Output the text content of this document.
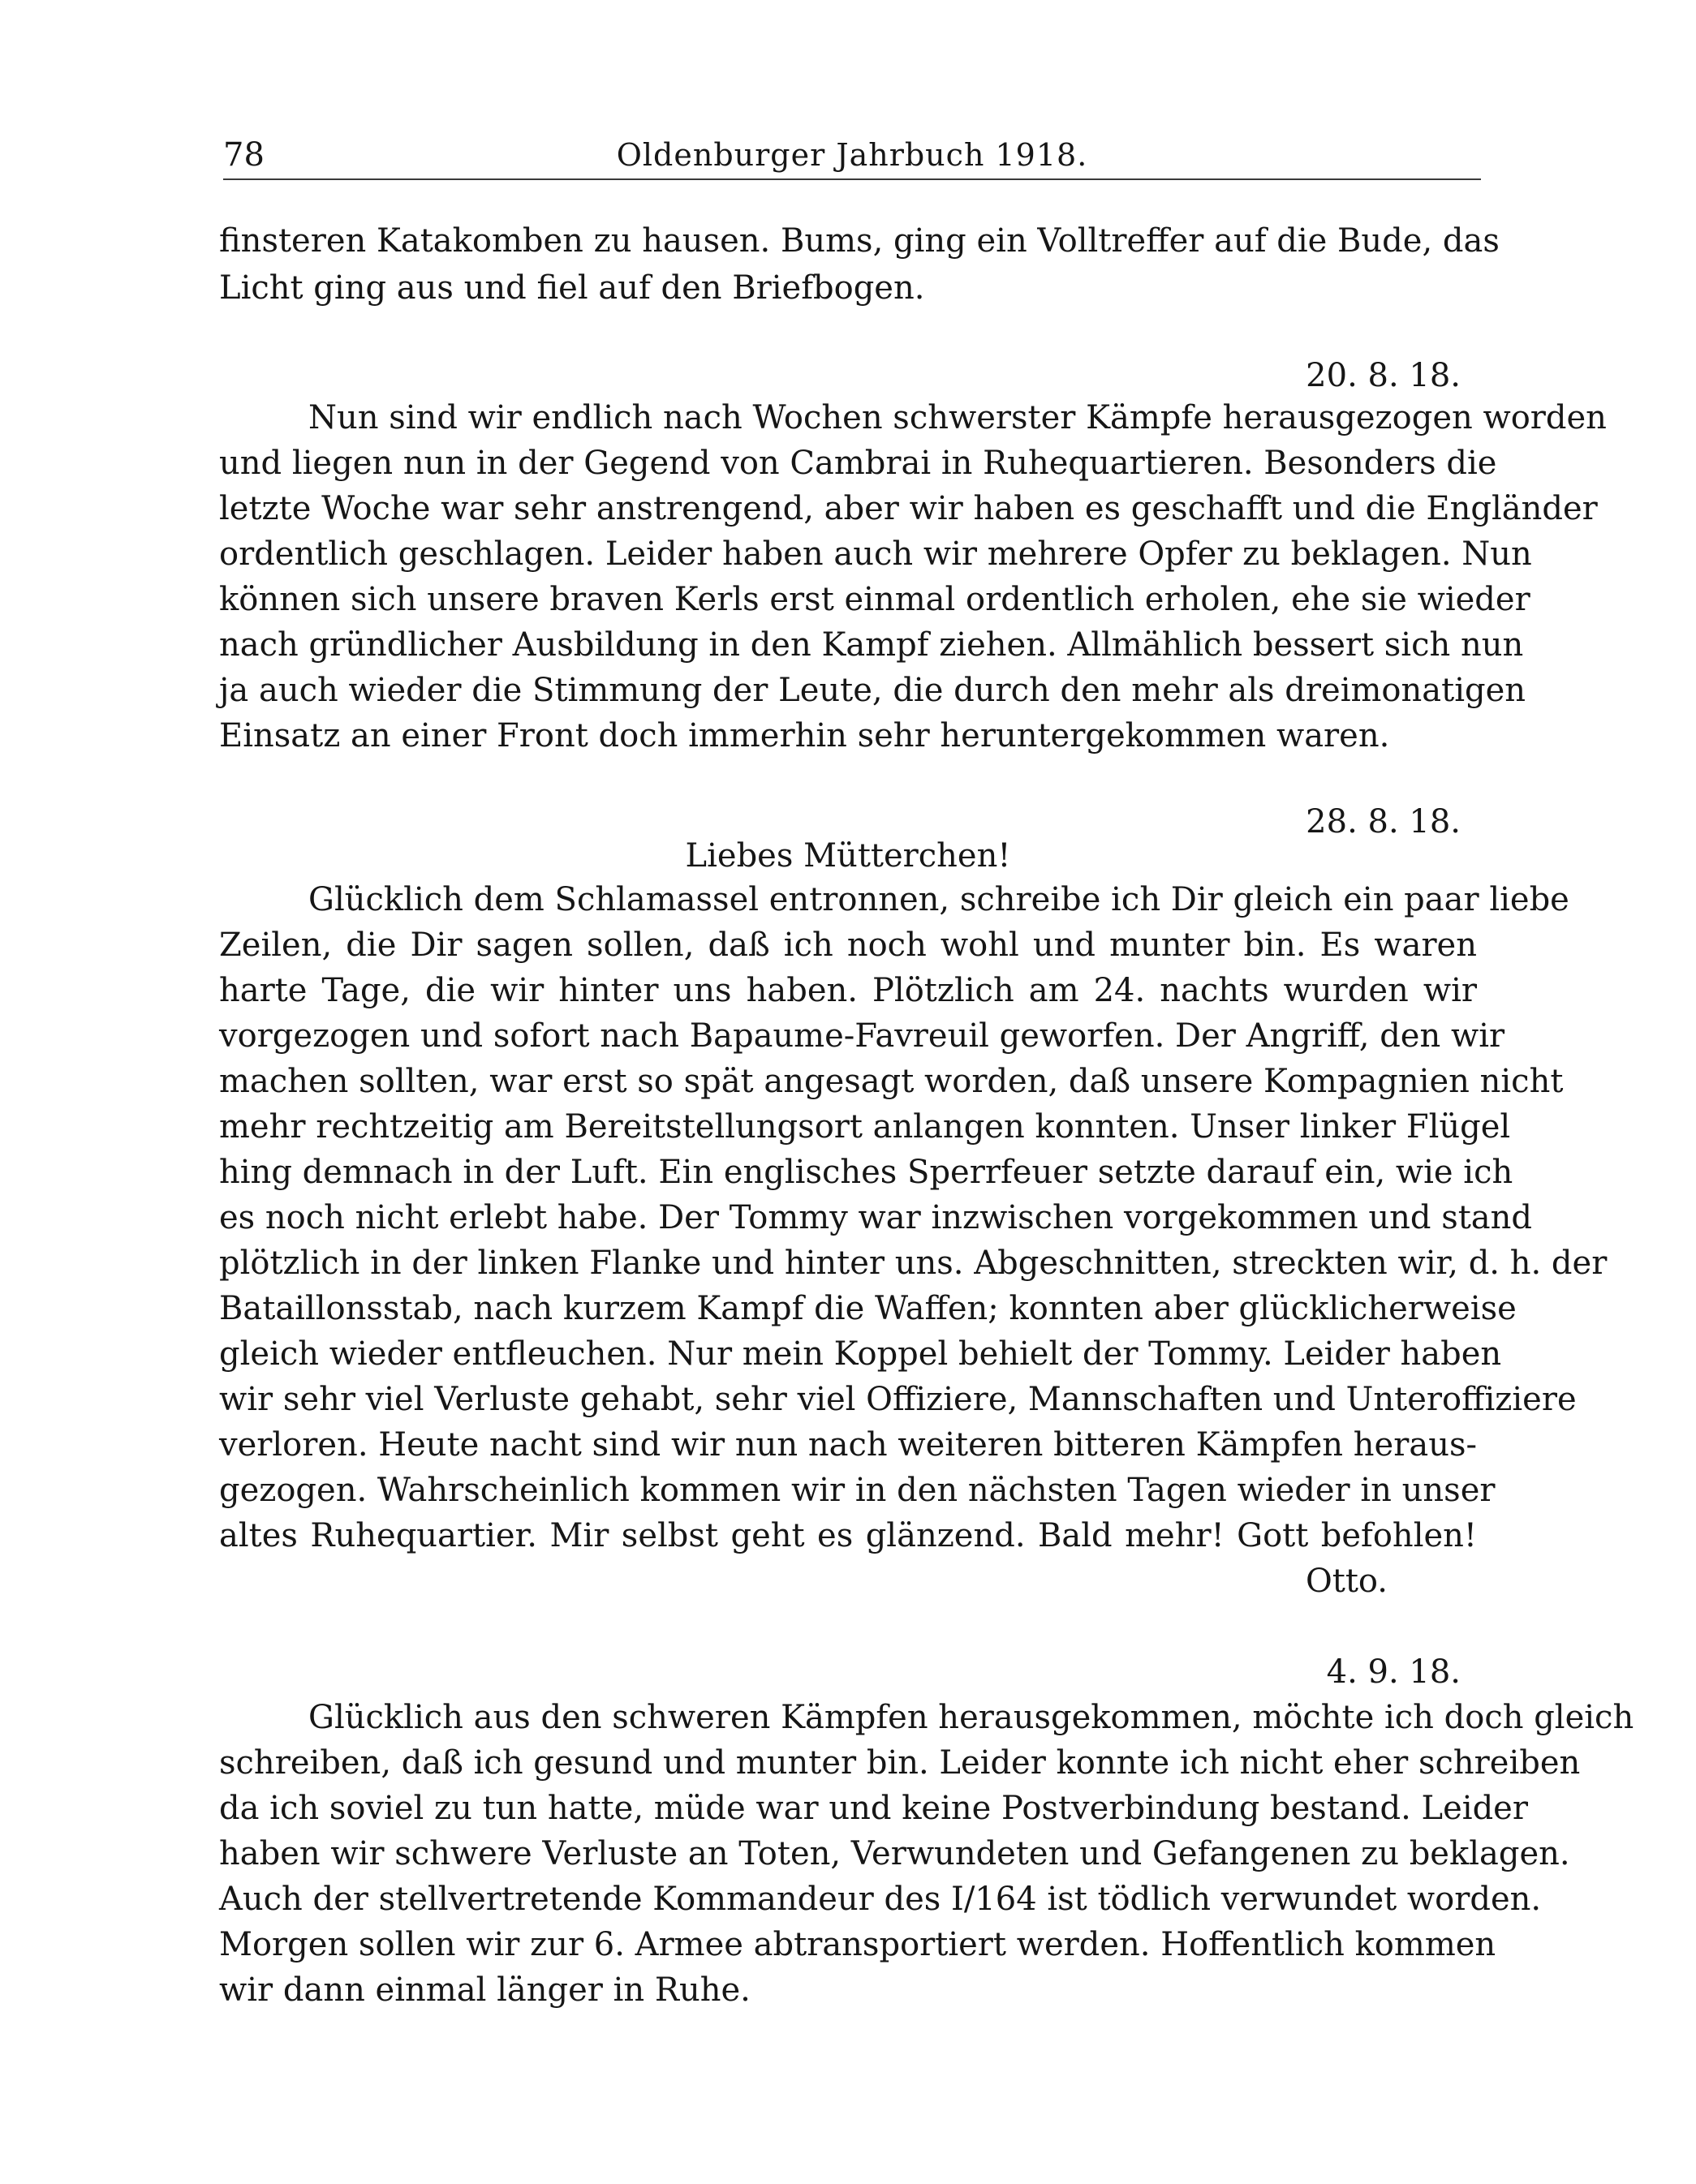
78	Oldenburger Jahrbuch 1918.
finsteren Katakomben zu hausen. Bums, ging ein Volltreffer auf die Bude, das
Licht ging aus und fiel auf den Briefbogen.
20. 8. 18.
Nun sind wir endlich nach Wochen schwerster Kämpfe herausgezogen worden
und liegen nun in der Gegend von Cambrai in Ruhequartieren. Besonders die
letzte Woche war sehr anstrengend, aber wir haben es geschafft und die Engländer
ordentlich geschlagen. Leider haben auch wir mehrere Opfer zu beklagen. Nun
können sich unsere braven Kerls erst einmal ordentlich erholen, ehe sie wieder
nach gründlicher Ausbildung in den Kampf ziehen. Allmählich bessert sich nun
ja auch wieder die Stimmung der Leute, die durch den mehr als dreimonatigen
Einsatz an einer Front doch immerhin sehr heruntergekommen waren.
28. 8. 18.
Liebes Mütterchen!
Glücklich dem Schlamassel entronnen, schreibe ich Dir gleich ein paar liebe
Zeilen, die Dir sagen sollen, daß ich noch wohl und munter bin. Es waren
harte Tage, die wir hinter uns haben. Plötzlich am 24. nachts wurden wir
vorgezogen und sofort nach Bapaume-Favreuil geworfen. Der Angriff, den wir
machen sollten, war erst so spät angesagt worden, daß unsere Kompagnien nicht
mehr rechtzeitig am Bereitstellungsort anlangen konnten. Unser linker Flügel
hing demnach in der Luft. Ein englisches Sperrfeuer setzte darauf ein, wie ich
es noch nicht erlebt habe. Der Tommy war inzwischen vorgekommen und stand
plötzlich in der linken Flanke und hinter uns. Abgeschnitten, streckten wir, d. h. der
Bataillonsstab, nach kurzem Kampf die Waffen; konnten aber glücklicherweise
gleich wieder entfleuchen. Nur mein Koppel behielt der Tommy. Leider haben
wir sehr viel Verluste gehabt, sehr viel Offiziere, Mannschaften und Unteroffiziere
verloren. Heute nacht sind wir nun nach weiteren bitteren Kämpfen heraus-
gezogen. Wahrscheinlich kommen wir in den nächsten Tagen wieder in unser
altes Ruhequartier. Mir selbst geht es glänzend. Bald mehr! Gott befohlen!
Otto.
4. 9. 18.
Glücklich aus den schweren Kämpfen herausgekommen, möchte ich doch gleich
schreiben, daß ich gesund und munter bin. Leider konnte ich nicht eher schreiben
da ich soviel zu tun hatte, müde war und keine Postverbindung bestand. Leider
haben wir schwere Verluste an Toten, Verwundeten und Gefangenen zu beklagen.
Auch der stellvertretende Kommandeur des I/164 ist tödlich verwundet worden.
Morgen sollen wir zur 6. Armee abtransportiert werden. Hoffentlich kommen
wir dann einmal länger in Ruhe.
